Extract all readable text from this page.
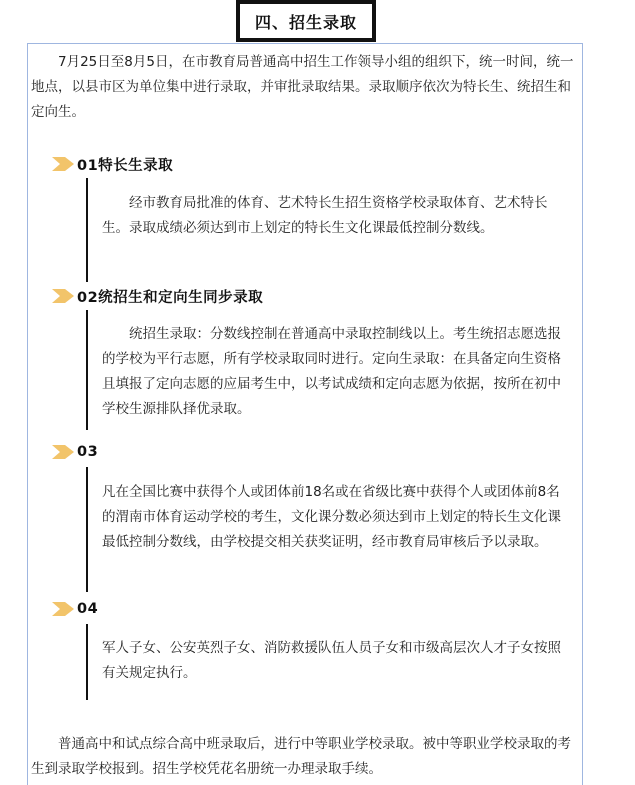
四、招生录取
7月25日至8月5日，在市教育局普通高中招生工作领导小组的组织下，统一时间，统一地点，以县市区为单位集中进行录取，并审批录取结果。录取顺序依次为特长生、统招生和定向生。
01特长生录取
经市教育局批准的体育、艺术特长生招生资格学校录取体育、艺术特长生。录取成绩必须达到市上划定的特长生文化课最低控制分数线。
02统招生和定向生同步录取
统招生录取：分数线控制在普通高中录取控制线以上。考生统招志愿选报的学校为平行志愿，所有学校录取同时进行。定向生录取：在具备定向生资格且填报了定向志愿的应届考生中，以考试成绩和定向志愿为依据，按所在初中学校生源排队择优录取。
03
凡在全国比赛中获得个人或团体前18名或在省级比赛中获得个人或团体前8名的渭南市体育运动学校的考生，文化课分数必须达到市上划定的特长生文化课最低控制分数线，由学校提交相关获奖证明，经市教育局审核后予以录取。
04
军人子女、公安英烈子女、消防救援队伍人员子女和市级高层次人才子女按照有关规定执行。
普通高中和试点综合高中班录取后，进行中等职业学校录取。被中等职业学校录取的考生到录取学校报到。招生学校凭花名册统一办理录取手续。
